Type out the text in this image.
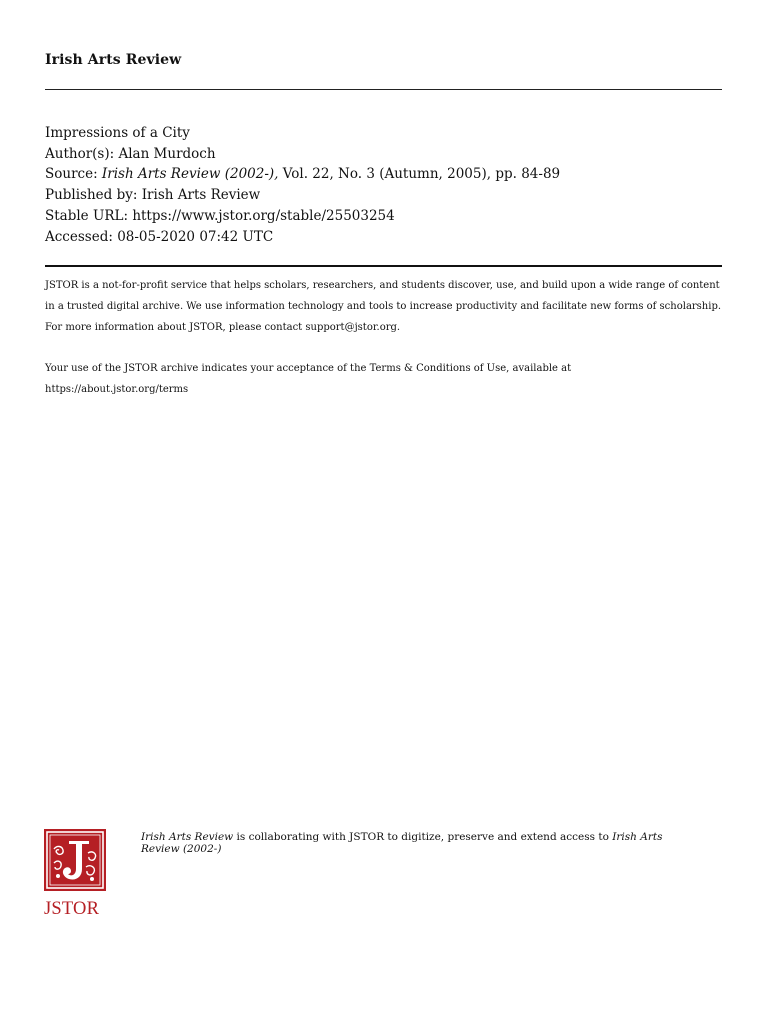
Irish Arts Review
Impressions of a City
Author(s): Alan Murdoch
Source: Irish Arts Review (2002-), Vol. 22, No. 3 (Autumn, 2005), pp. 84-89
Published by: Irish Arts Review
Stable URL: https://www.jstor.org/stable/25503254
Accessed: 08-05-2020 07:42 UTC

JSTOR is a not-for-profit service that helps scholars, researchers, and students discover, use, and build upon a wide range of content in a trusted digital archive. We use information technology and tools to increase productivity and facilitate new forms of scholarship. For more information about JSTOR, please contact support@jstor.org.

Your use of the JSTOR archive indicates your acceptance of the Terms & Conditions of Use, available at
https://about.jstor.org/terms

JSTOR
Irish Arts Review is collaborating with JSTOR to digitize, preserve and extend access to Irish Arts Review (2002-)
